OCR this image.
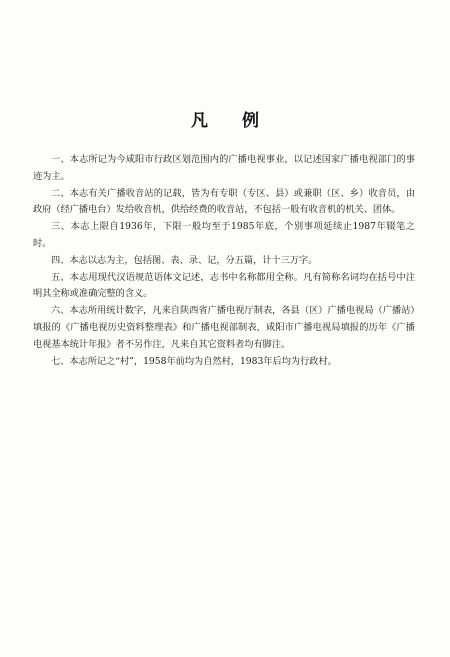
凡例

一、本志所记为今咸阳市行政区划范围内的广播电视事业，以记述国家广播电视部门的事迹为主。

二、本志有关广播收音站的记载，皆为有专职（专区、县）或兼职（区、乡）收音员，由政府（经广播电台）发给收音机，供给经费的收音站，不包括一般有收音机的机关、团体。

三、本志上限自1936年，下限一般均至于1985年底，个别事项延续止1987年辍笔之时。

四、本志以志为主，包括图、表、录、记，分五篇，计十三万字。

五、本志用现代汉语规范语体文记述，志书中名称都用全称。凡有简称名词均在括号中注明其全称或准确完整的含义。

六、本志所用统计数字，凡来自陕西省广播电视厅制表，各县（区）广播电视局（广播站）填报的《广播电视历史资料整理表》和广播电视部制表，咸阳市广播电视局填报的历年《广播电视基本统计年报》者不另作注，凡来自其它资料者均有脚注。

七、本志所记之“村”，1958年前均为自然村，1983年后均为行政村。
